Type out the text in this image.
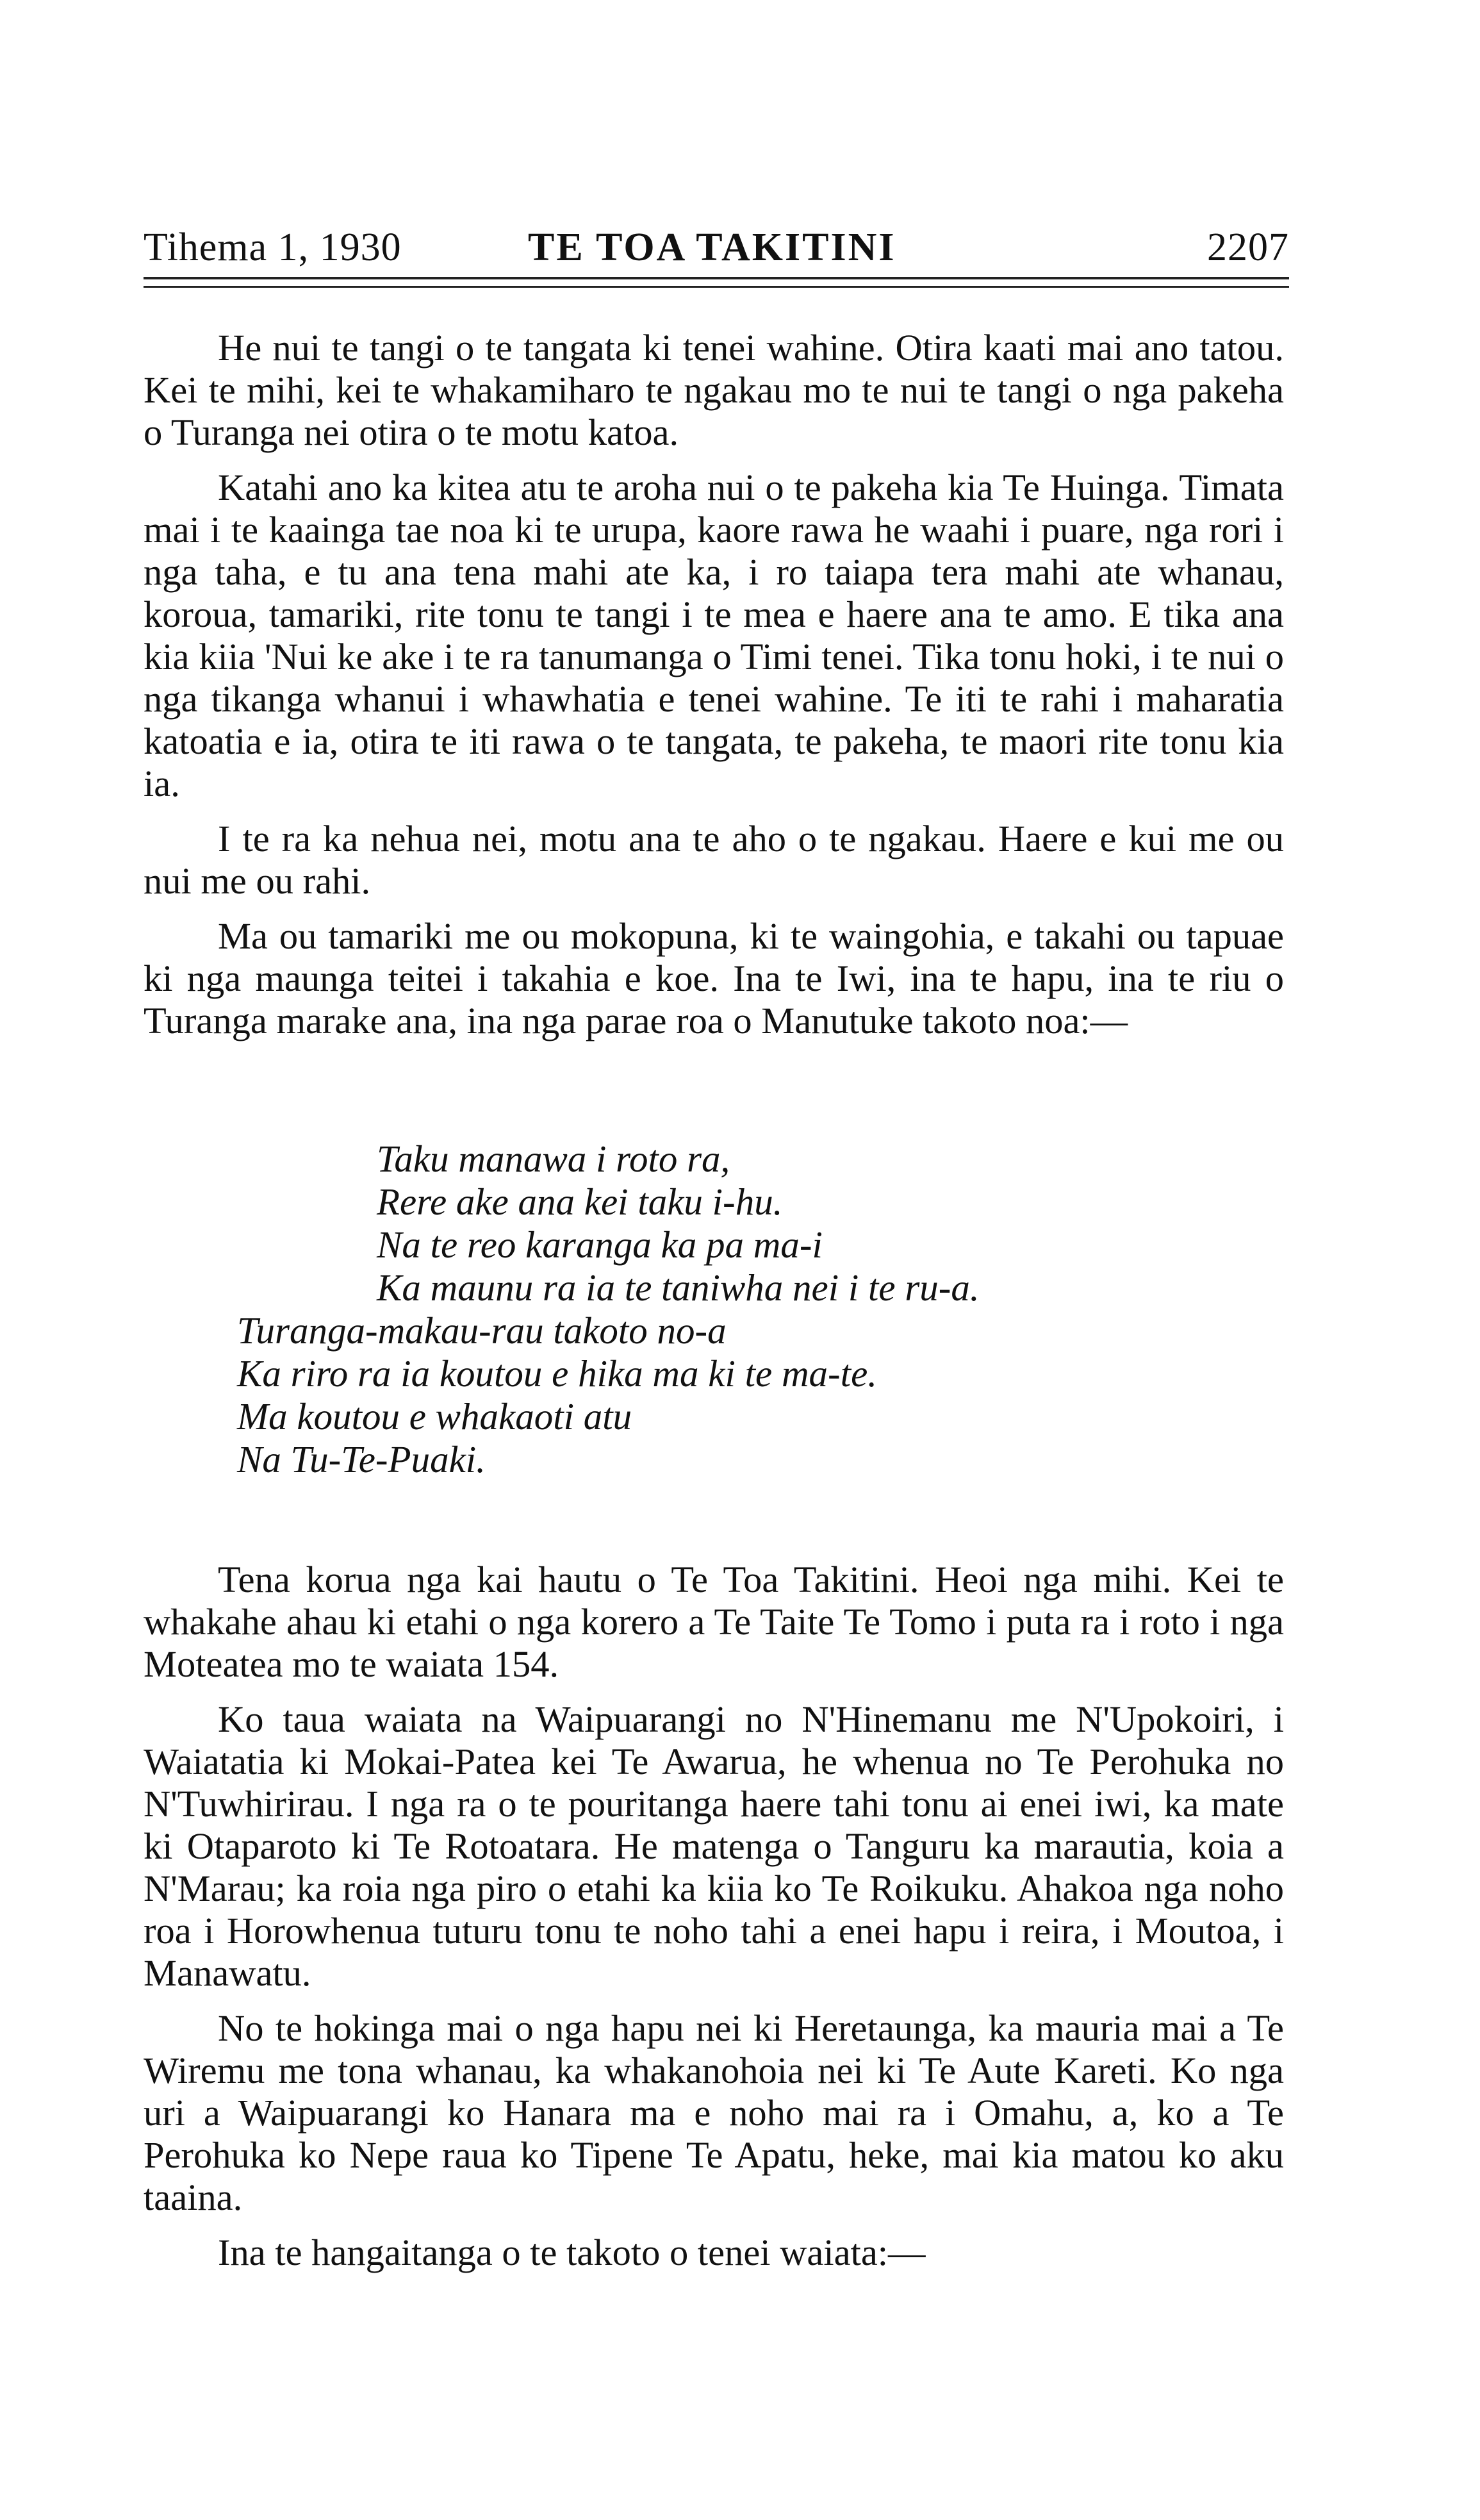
Tihema 1, 1930	TE TOA TAKITINI	2207

He nui te tangi o te tangata ki tenei wahine. Otira kaati mai ano tatou. Kei te mihi, kei te whakamiharo te ngakau mo te nui te tangi o nga pakeha o Turanga nei otira o te motu katoa.

Katahi ano ka kitea atu te aroha nui o te pakeha kia Te Huinga. Timata mai i te kaainga tae noa ki te urupa, kaore rawa he waahi i puare, nga rori i nga taha, e tu ana tena mahi ate ka, i ro taiapa tera mahi ate whanau, koroua, tamariki, rite tonu te tangi i te mea e haere ana te amo. E tika ana kia kiia 'Nui ke ake i te ra tanumanga o Timi tenei. Tika tonu hoki, i te nui o nga tikanga whanui i whawhatia e tenei wahine. Te iti te rahi i maharatia katoatia e ia, otira te iti rawa o te tangata, te pakeha, te maori rite tonu kia ia.

I te ra ka nehua nei, motu ana te aho o te ngakau. Haere e kui me ou nui me ou rahi.

Ma ou tamariki me ou mokopuna, ki te waingohia, e takahi ou tapuae ki nga maunga teitei i takahia e koe. Ina te Iwi, ina te hapu, ina te riu o Turanga marake ana, ina nga parae roa o Manutuke takoto noa:—

Taku manawa i roto ra,
Rere ake ana kei taku i-hu.
Na te reo karanga ka pa ma-i
Ka maunu ra ia te taniwha nei i te ru-a.
Turanga-makau-rau takoto no-a
Ka riro ra ia koutou e hika ma ki te ma-te.
Ma koutou e whakaoti atu
Na Tu-Te-Puaki.

Tena korua nga kai hautu o Te Toa Takitini. Heoi nga mihi. Kei te whakahe ahau ki etahi o nga korero a Te Taite Te Tomo i puta ra i roto i nga Moteatea mo te waiata 154.

Ko taua waiata na Waipuarangi no N'Hinemanu me N'Upokoiri, i Waiatatia ki Mokai-Patea kei Te Awarua, he whenua no Te Perohuka no N'Tuwhirirau. I nga ra o te pouritanga haere tahi tonu ai enei iwi, ka mate ki Otaparoto ki Te Rotoatara. He matenga o Tanguru ka marautia, koia a N'Marau; ka roia nga piro o etahi ka kiia ko Te Roikuku. Ahakoa nga noho roa i Horowhenua tuturu tonu te noho tahi a enei hapu i reira, i Moutoa, i Manawatu.

No te hokinga mai o nga hapu nei ki Heretaunga, ka mauria mai a Te Wiremu me tona whanau, ka whakanohoia nei ki Te Aute Kareti. Ko nga uri a Waipuarangi ko Hanara ma e noho mai ra i Omahu, a, ko a Te Perohuka ko Nepe raua ko Tipene Te Apatu, heke, mai kia matou ko aku taaina.

Ina te hangaitanga o te takoto o tenei waiata:—
